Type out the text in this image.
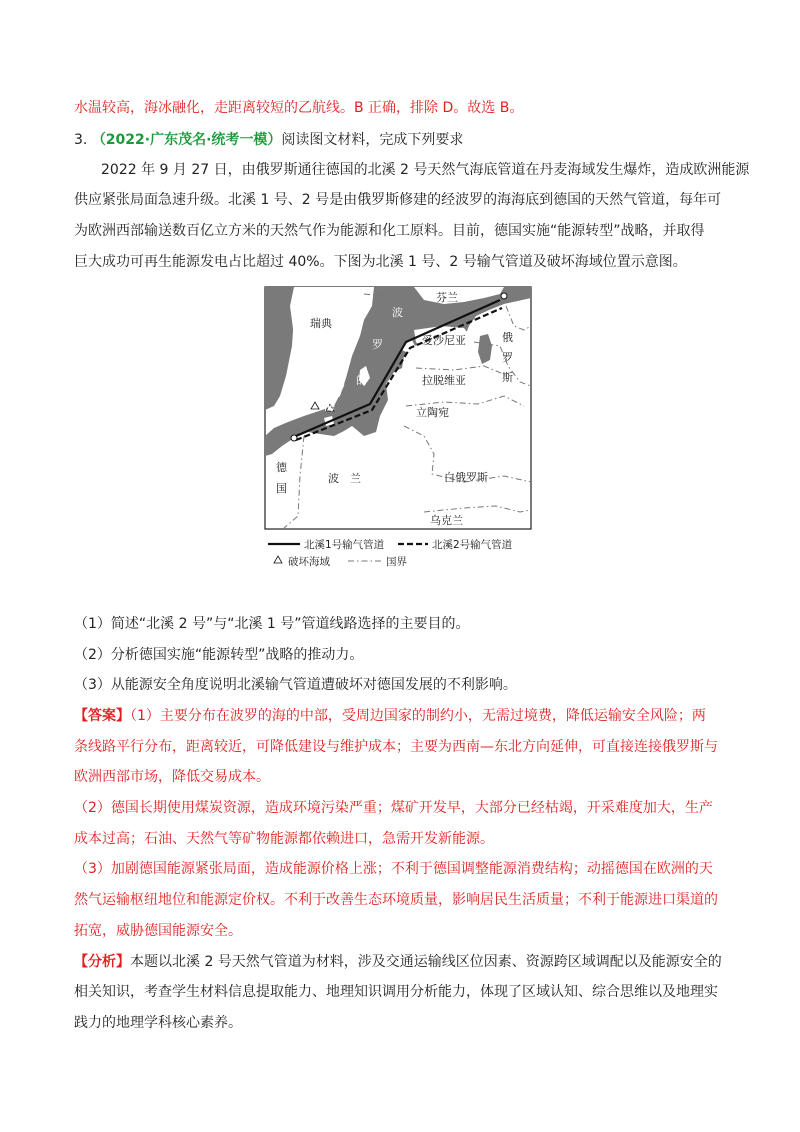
水温较高，海冰融化，走距离较短的乙航线。B 正确，排除 D。故选 B。
3. （2022·广东茂名·统考一模）阅读图文材料，完成下列要求
2022 年 9 月 27 日，由俄罗斯通往德国的北溪 2 号天然气海底管道在丹麦海域发生爆炸，造成欧洲能源
供应紧张局面急速升级。北溪 1 号、2 号是由俄罗斯修建的经波罗的海海底到德国的天然气管道，每年可
为欧洲西部输送数百亿立方米的天然气作为能源和化工原料。目前，德国实施“能源转型”战略，并取得
巨大成功可再生能源发电占比超过 40%。下图为北溪 1 号、2 号输气管道及破坏海域位置示意图。
瑞典
芬兰
俄
罗
斯
爱沙尼亚
拉脱维亚
立陶宛
白俄罗斯
乌克兰
波　兰
德
国
波
罗
的
海
北溪1号输气管道	北溪2号输气管道
破坏海域	国界
（1）简述“北溪 2 号”与“北溪 1 号”管道线路选择的主要目的。
（2）分析德国实施“能源转型”战略的推动力。
（3）从能源安全角度说明北溪输气管道遭破坏对德国发展的不利影响。
【答案】（1）主要分布在波罗的海的中部，受周边国家的制约小，无需过境费，降低运输安全风险；两
条线路平行分布，距离较近，可降低建设与维护成本；主要为西南—东北方向延伸，可直接连接俄罗斯与
欧洲西部市场，降低交易成本。
（2）德国长期使用煤炭资源，造成环境污染严重；煤矿开发早，大部分已经枯竭，开采难度加大，生产
成本过高；石油、天然气等矿物能源都依赖进口，急需开发新能源。
（3）加剧德国能源紧张局面，造成能源价格上涨；不利于德国调整能源消费结构；动摇德国在欧洲的天
然气运输枢纽地位和能源定价权。不利于改善生态环境质量，影响居民生活质量；不利于能源进口渠道的
拓宽，威胁德国能源安全。
【分析】本题以北溪 2 号天然气管道为材料，涉及交通运输线区位因素、资源跨区域调配以及能源安全的
相关知识，考查学生材料信息提取能力、地理知识调用分析能力，体现了区域认知、综合思维以及地理实
践力的地理学科核心素养。
